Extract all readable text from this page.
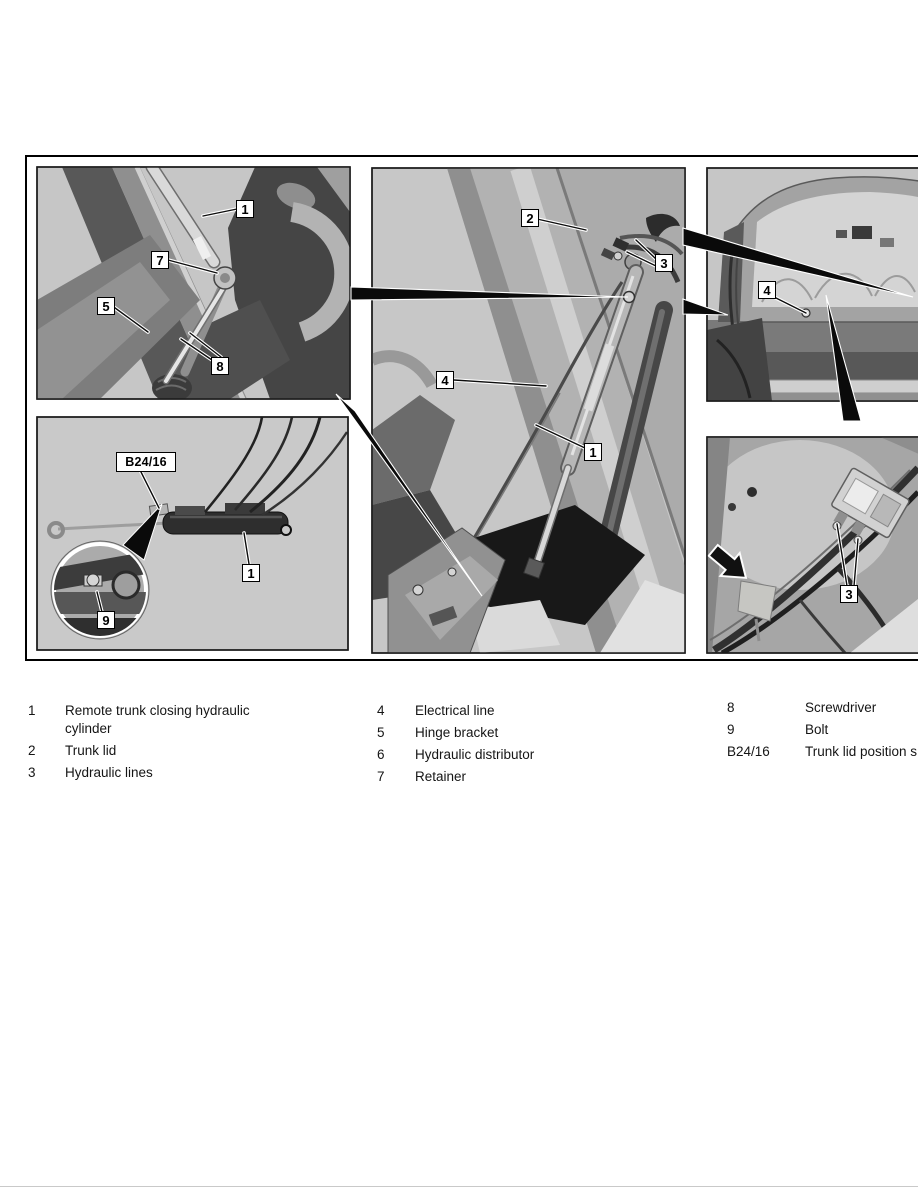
1
7
5
8
B24/16
1
9
2
3
4
1
4
3
1	Remote trunk closing hydraulic cylinder
2	Trunk lid
3	Hydraulic lines
4	Electrical line
5	Hinge bracket
6	Hydraulic distributor
7	Retainer
8	Screwdriver
9	Bolt
B24/16	Trunk lid position s
